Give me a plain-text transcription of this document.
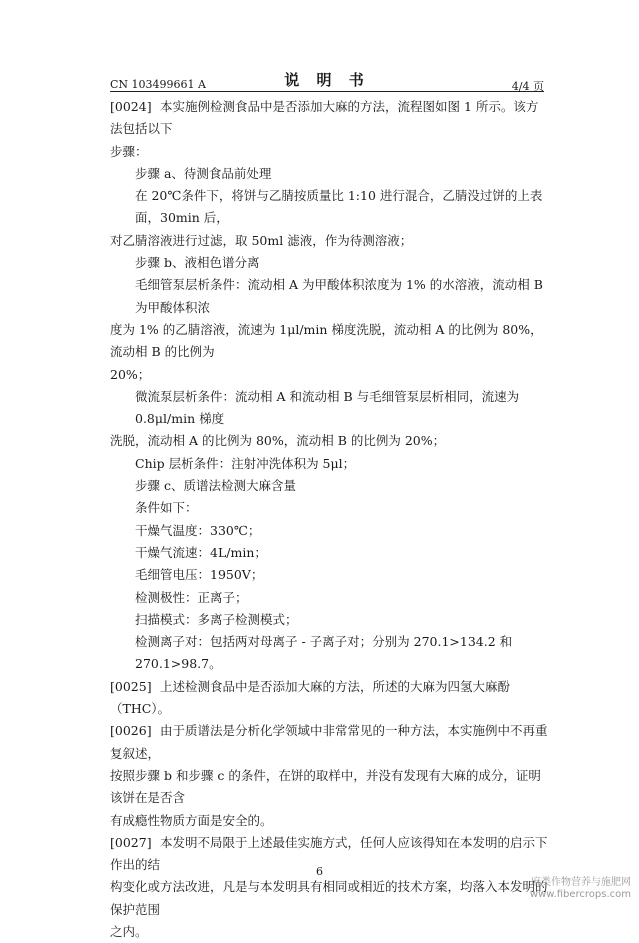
CN 103499661 A	说 明 书	4/4 页
[0024] 本实施例检测食品中是否添加大麻的方法，流程图如图 1 所示。该方法包括以下
步骤：
步骤 a、待测食品前处理
在 20℃条件下，将饼与乙腈按质量比 1:10 进行混合，乙腈没过饼的上表面，30min 后，
对乙腈溶液进行过滤，取 50ml 滤液，作为待测溶液；
步骤 b、液相色谱分离
毛细管泵层析条件：流动相 A 为甲酸体积浓度为 1% 的水溶液，流动相 B 为甲酸体积浓
度为 1% 的乙腈溶液，流速为 1μl/min 梯度洗脱，流动相 A 的比例为 80%，流动相 B 的比例为
20%；
微流泵层析条件：流动相 A 和流动相 B 与毛细管泵层析相同，流速为 0.8μl/min 梯度
洗脱，流动相 A 的比例为 80%，流动相 B 的比例为 20%；
Chip 层析条件：注射冲洗体积为 5μl；
步骤 c、质谱法检测大麻含量
条件如下：
干燥气温度：330℃；
干燥气流速：4L/min；
毛细管电压：1950V；
检测极性：正离子；
扫描模式：多离子检测模式；
检测离子对：包括两对母离子 - 子离子对；分别为 270.1>134.2 和 270.1>98.7。
[0025] 上述检测食品中是否添加大麻的方法，所述的大麻为四氢大麻酚（THC）。
[0026] 由于质谱法是分析化学领域中非常常见的一种方法，本实施例中不再重复叙述，
按照步骤 b 和步骤 c 的条件，在饼的取样中，并没有发现有大麻的成分，证明该饼在是否含
有成瘾性物质方面是安全的。
[0027] 本发明不局限于上述最佳实施方式，任何人应该得知在本发明的启示下作出的结
构变化或方法改进，凡是与本发明具有相同或相近的技术方案，均落入本发明的保护范围
之内。
6
麻类作物营养与施肥网
www.fibercrops.com
